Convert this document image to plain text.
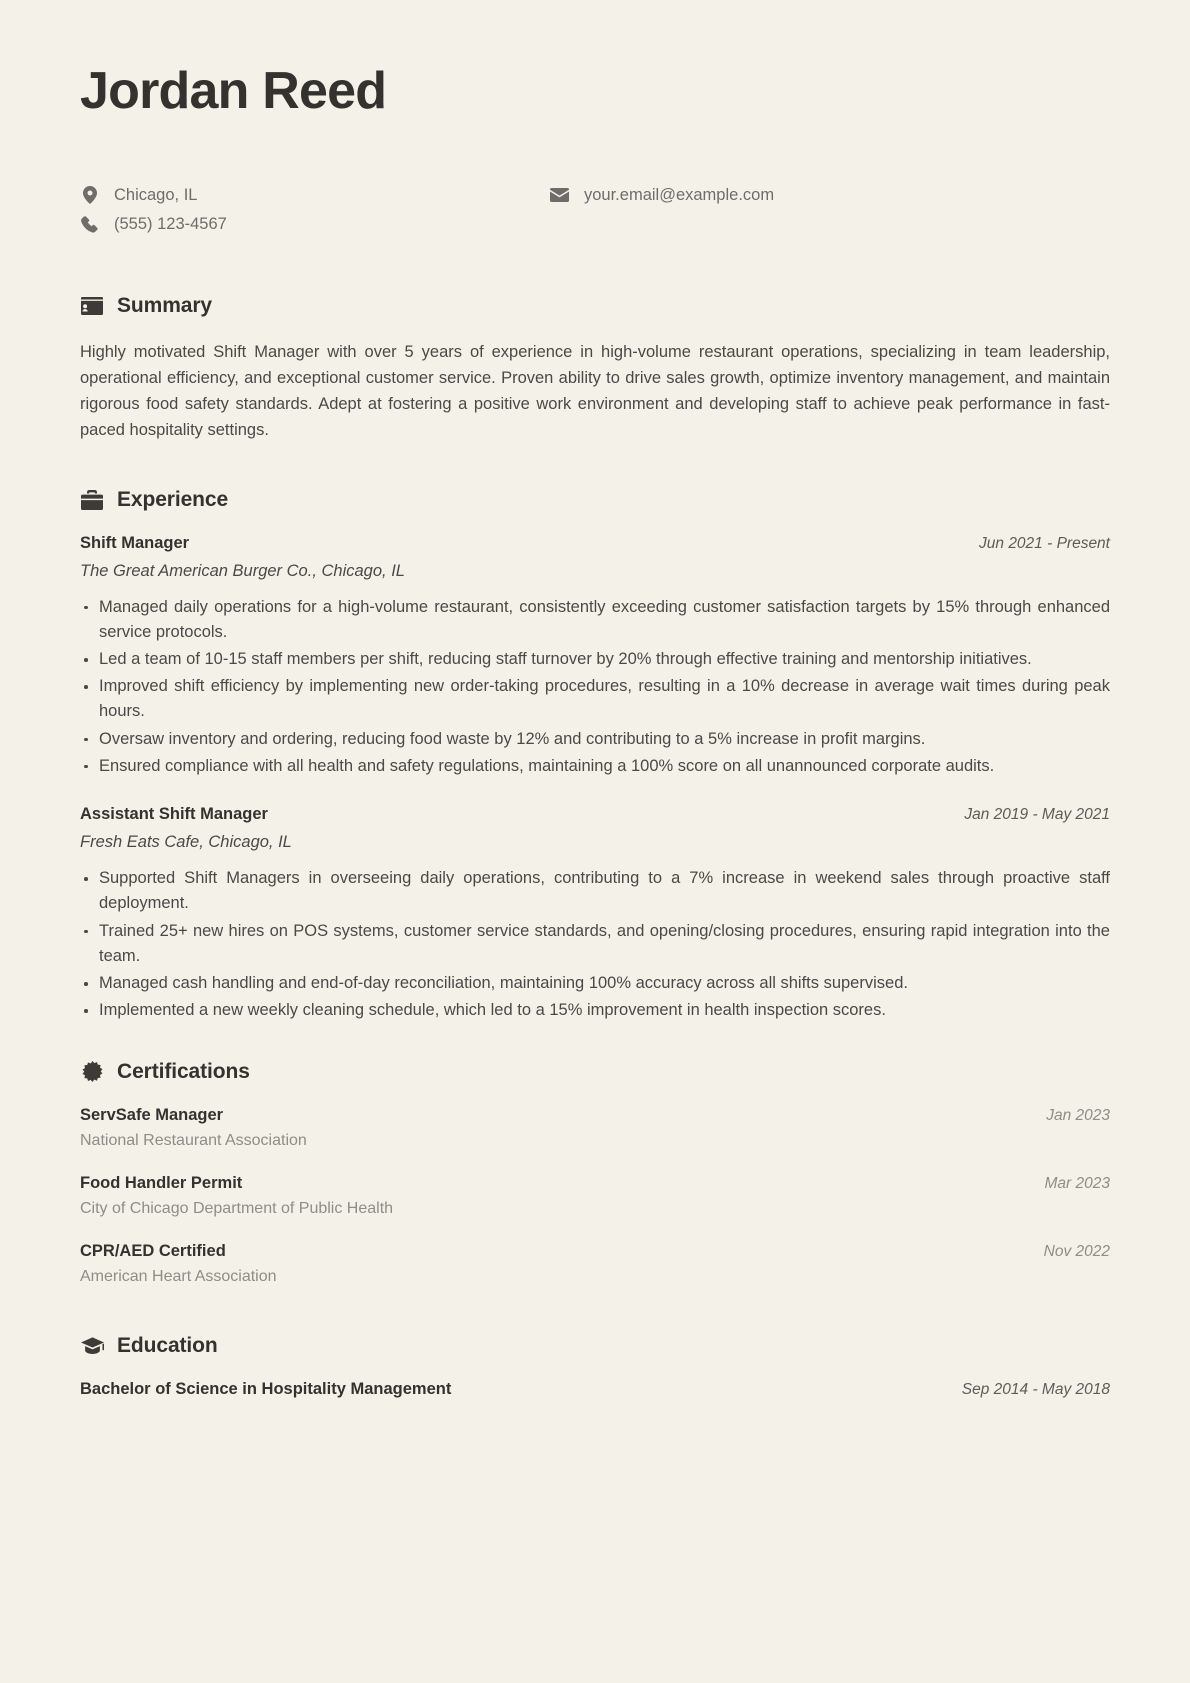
Jordan Reed
Chicago, IL
(555) 123-4567
your.email@example.com
Summary

Highly motivated Shift Manager with over 5 years of experience in high-volume restaurant operations, specializing in team leadership, operational efficiency, and exceptional customer service. Proven ability to drive sales growth, optimize inventory management, and maintain rigorous food safety standards. Adept at fostering a positive work environment and developing staff to achieve peak performance in fast-paced hospitality settings.

Experience
Shift Manager	Jun 2021 - Present
The Great American Burger Co., Chicago, IL
Managed daily operations for a high-volume restaurant, consistently exceeding customer satisfaction targets by 15% through enhanced service protocols.
Led a team of 10-15 staff members per shift, reducing staff turnover by 20% through effective training and mentorship initiatives.
Improved shift efficiency by implementing new order-taking procedures, resulting in a 10% decrease in average wait times during peak hours.
Oversaw inventory and ordering, reducing food waste by 12% and contributing to a 5% increase in profit margins.
Ensured compliance with all health and safety regulations, maintaining a 100% score on all unannounced corporate audits.
Assistant Shift Manager	Jan 2019 - May 2021
Fresh Eats Cafe, Chicago, IL
Supported Shift Managers in overseeing daily operations, contributing to a 7% increase in weekend sales through proactive staff deployment.
Trained 25+ new hires on POS systems, customer service standards, and opening/closing procedures, ensuring rapid integration into the team.
Managed cash handling and end-of-day reconciliation, maintaining 100% accuracy across all shifts supervised.
Implemented a new weekly cleaning schedule, which led to a 15% improvement in health inspection scores.
Certifications
ServSafe Manager	Jan 2023
National Restaurant Association
Food Handler Permit	Mar 2023
City of Chicago Department of Public Health
CPR/AED Certified	Nov 2022
American Heart Association
Education
Bachelor of Science in Hospitality Management	Sep 2014 - May 2018
